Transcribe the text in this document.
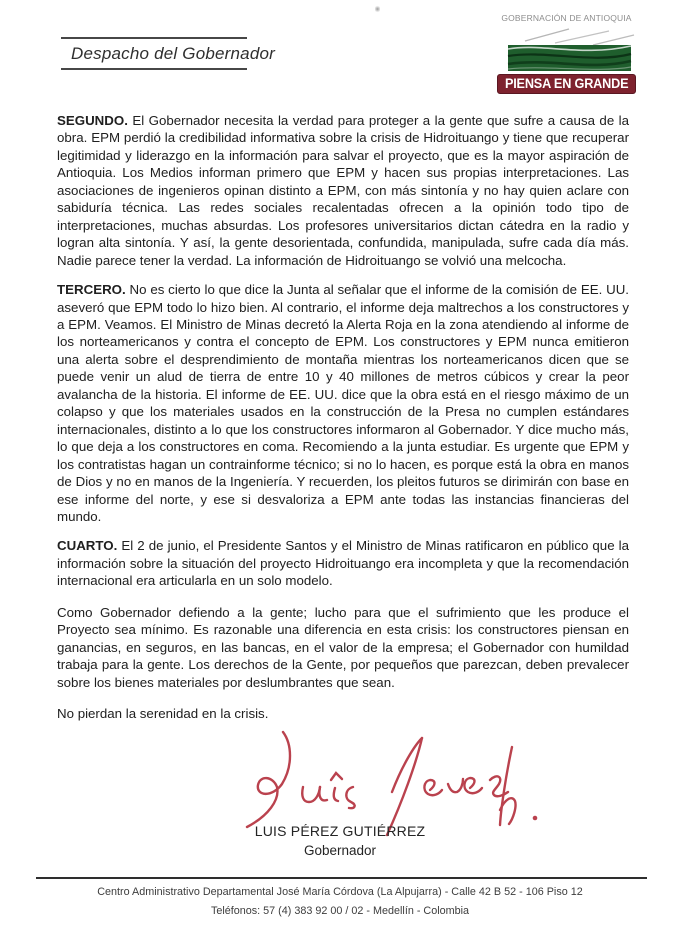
Despacho del Gobernador
GOBERNACIÓN DE ANTIOQUIA
PIENSA EN GRANDE

SEGUNDO. El Gobernador necesita la verdad para proteger a la gente que sufre a causa de la obra. EPM perdió la credibilidad informativa sobre la crisis de Hidroituango y tiene que recuperar legitimidad y liderazgo en la información para salvar el proyecto, que es la mayor aspiración de Antioquia. Los Medios informan primero que EPM y hacen sus propias interpretaciones. Las asociaciones de ingenieros opinan distinto a EPM, con más sintonía y no hay quien aclare con sabiduría técnica. Las redes sociales recalentadas ofrecen a la opinión todo tipo de interpretaciones, muchas absurdas. Los profesores universitarios dictan cátedra en la radio y logran alta sintonía. Y así, la gente desorientada, confundida, manipulada, sufre cada día más. Nadie parece tener la verdad. La información de Hidroituango se volvió una melcocha.

TERCERO. No es cierto lo que dice la Junta al señalar que el informe de la comisión de EE. UU. aseveró que EPM todo lo hizo bien. Al contrario, el informe deja maltrechos a los constructores y a EPM. Veamos. El Ministro de Minas decretó la Alerta Roja en la zona atendiendo al informe de los norteamericanos y contra el concepto de EPM. Los constructores y EPM nunca emitieron una alerta sobre el desprendimiento de montaña mientras los norteamericanos dicen que se puede venir un alud de tierra de entre 10 y 40 millones de metros cúbicos y crear la peor avalancha de la historia. El informe de EE. UU. dice que la obra está en el riesgo máximo de un colapso y que los materiales usados en la construcción de la Presa no cumplen estándares internacionales, distinto a lo que los constructores informaron al Gobernador. Y dice mucho más, lo que deja a los constructores en coma. Recomiendo a la junta estudiar. Es urgente que EPM y los contratistas hagan un contrainforme técnico; si no lo hacen, es porque está la obra en manos de Dios y no en manos de la Ingeniería. Y recuerden, los pleitos futuros se dirimirán con base en ese informe del norte, y ese si desvaloriza a EPM ante todas las instancias financieras del mundo.

CUARTO. El 2 de junio, el Presidente Santos y el Ministro de Minas ratificaron en público que la información sobre la situación del proyecto Hidroituango era incompleta y que la recomendación internacional era articularla en un solo modelo.

Como Gobernador defiendo a la gente; lucho para que el sufrimiento que les produce el Proyecto sea mínimo. Es razonable una diferencia en esta crisis: los constructores piensan en ganancias, en seguros, en las bancas, en el valor de la empresa; el Gobernador con humildad trabaja para la gente. Los derechos de la Gente, por pequeños que parezcan, deben prevalecer sobre los bienes materiales por deslumbrantes que sean.

No pierdan la serenidad en la crisis.

LUIS PÉREZ GUTIÉRREZ
Gobernador
Centro Administrativo Departamental José María Córdova (La Alpujarra) - Calle 42 B 52 - 106 Piso 12
Teléfonos: 57 (4) 383 92 00 / 02 - Medellín - Colombia
